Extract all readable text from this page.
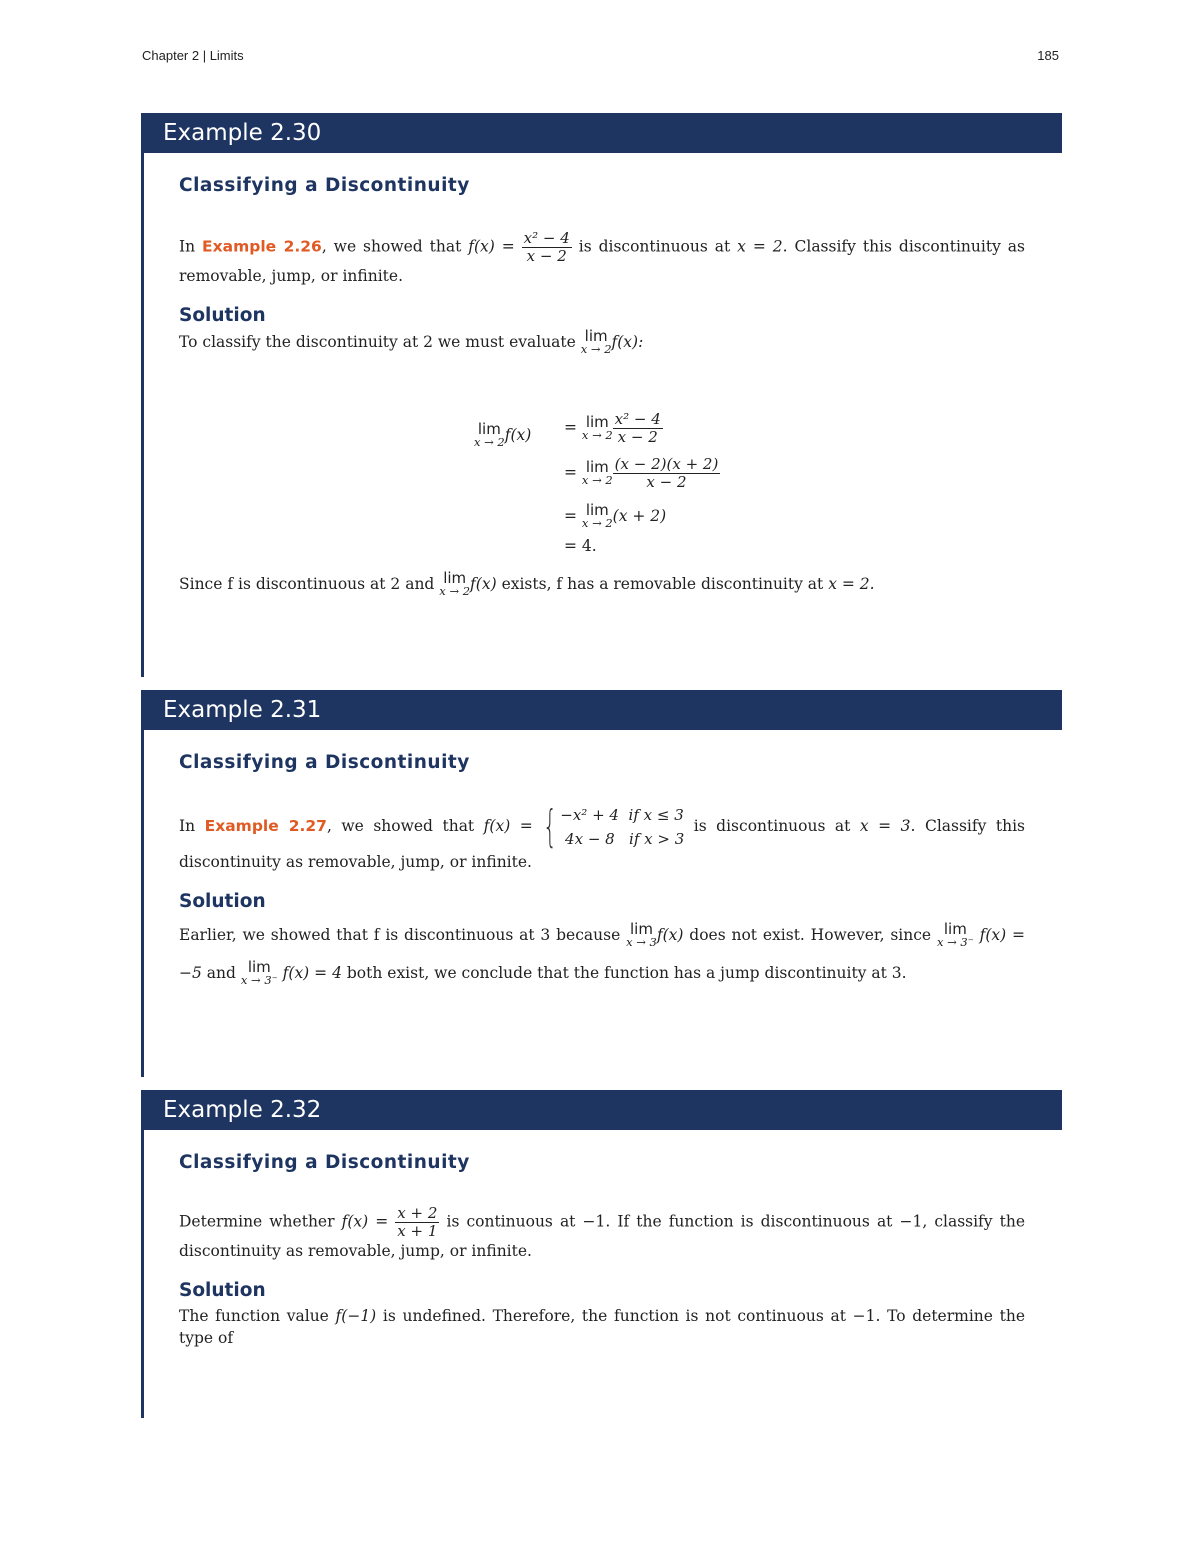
Chapter 2 | Limits	185
Example 2.30
Classifying a Discontinuity
In Example 2.26, we showed that $f(x) = \frac{\text{x² − 4}}{x - 2}$ is discontinuous at x = 2. Classify this discontinuity as removable, jump, or infinite.
Solution
To classify the discontinuity at 2 we must evaluate lim
x → 2 f(x):
lim
x → 2 f(x) = lim
$x \to 2 \frac{\text{x² − 4}}{x - 2}$
= lim
$x \to 2 \frac{(x - 2)(x + 2)}{x - 2}$
= lim
x → 2 (x + 2)
= 4.
Since f is discontinuous at 2 and lim
x → 2 f(x) exists, f has a removable discontinuity at x = 2.
Example 2.31
Classifying a Discontinuity
In Example 2.27, we showed that f(x) = { −x² + 4 if x ≤ 3
4x − 8 if x > 3
is discontinuous at x = 3. Classify this discontinuity as removable, jump, or infinite.
Solution
Earlier, we showed that f is discontinuous at 3 because lim
x → 3 f(x) does not exist. However, since lim
x → 3⁻ f(x) = −5 and lim
x → 3⁻ f(x) = 4 both exist, we conclude that the function has a jump discontinuity at 3.
Example 2.32
Classifying a Discontinuity
Determine whether $f(x) = \frac{x + 2}{x + 1}$ is continuous at −1. If the function is discontinuous at −1, classify the discontinuity as removable, jump, or infinite.
Solution
The function value f(−1) is undefined. Therefore, the function is not continuous at −1. To determine the type of
